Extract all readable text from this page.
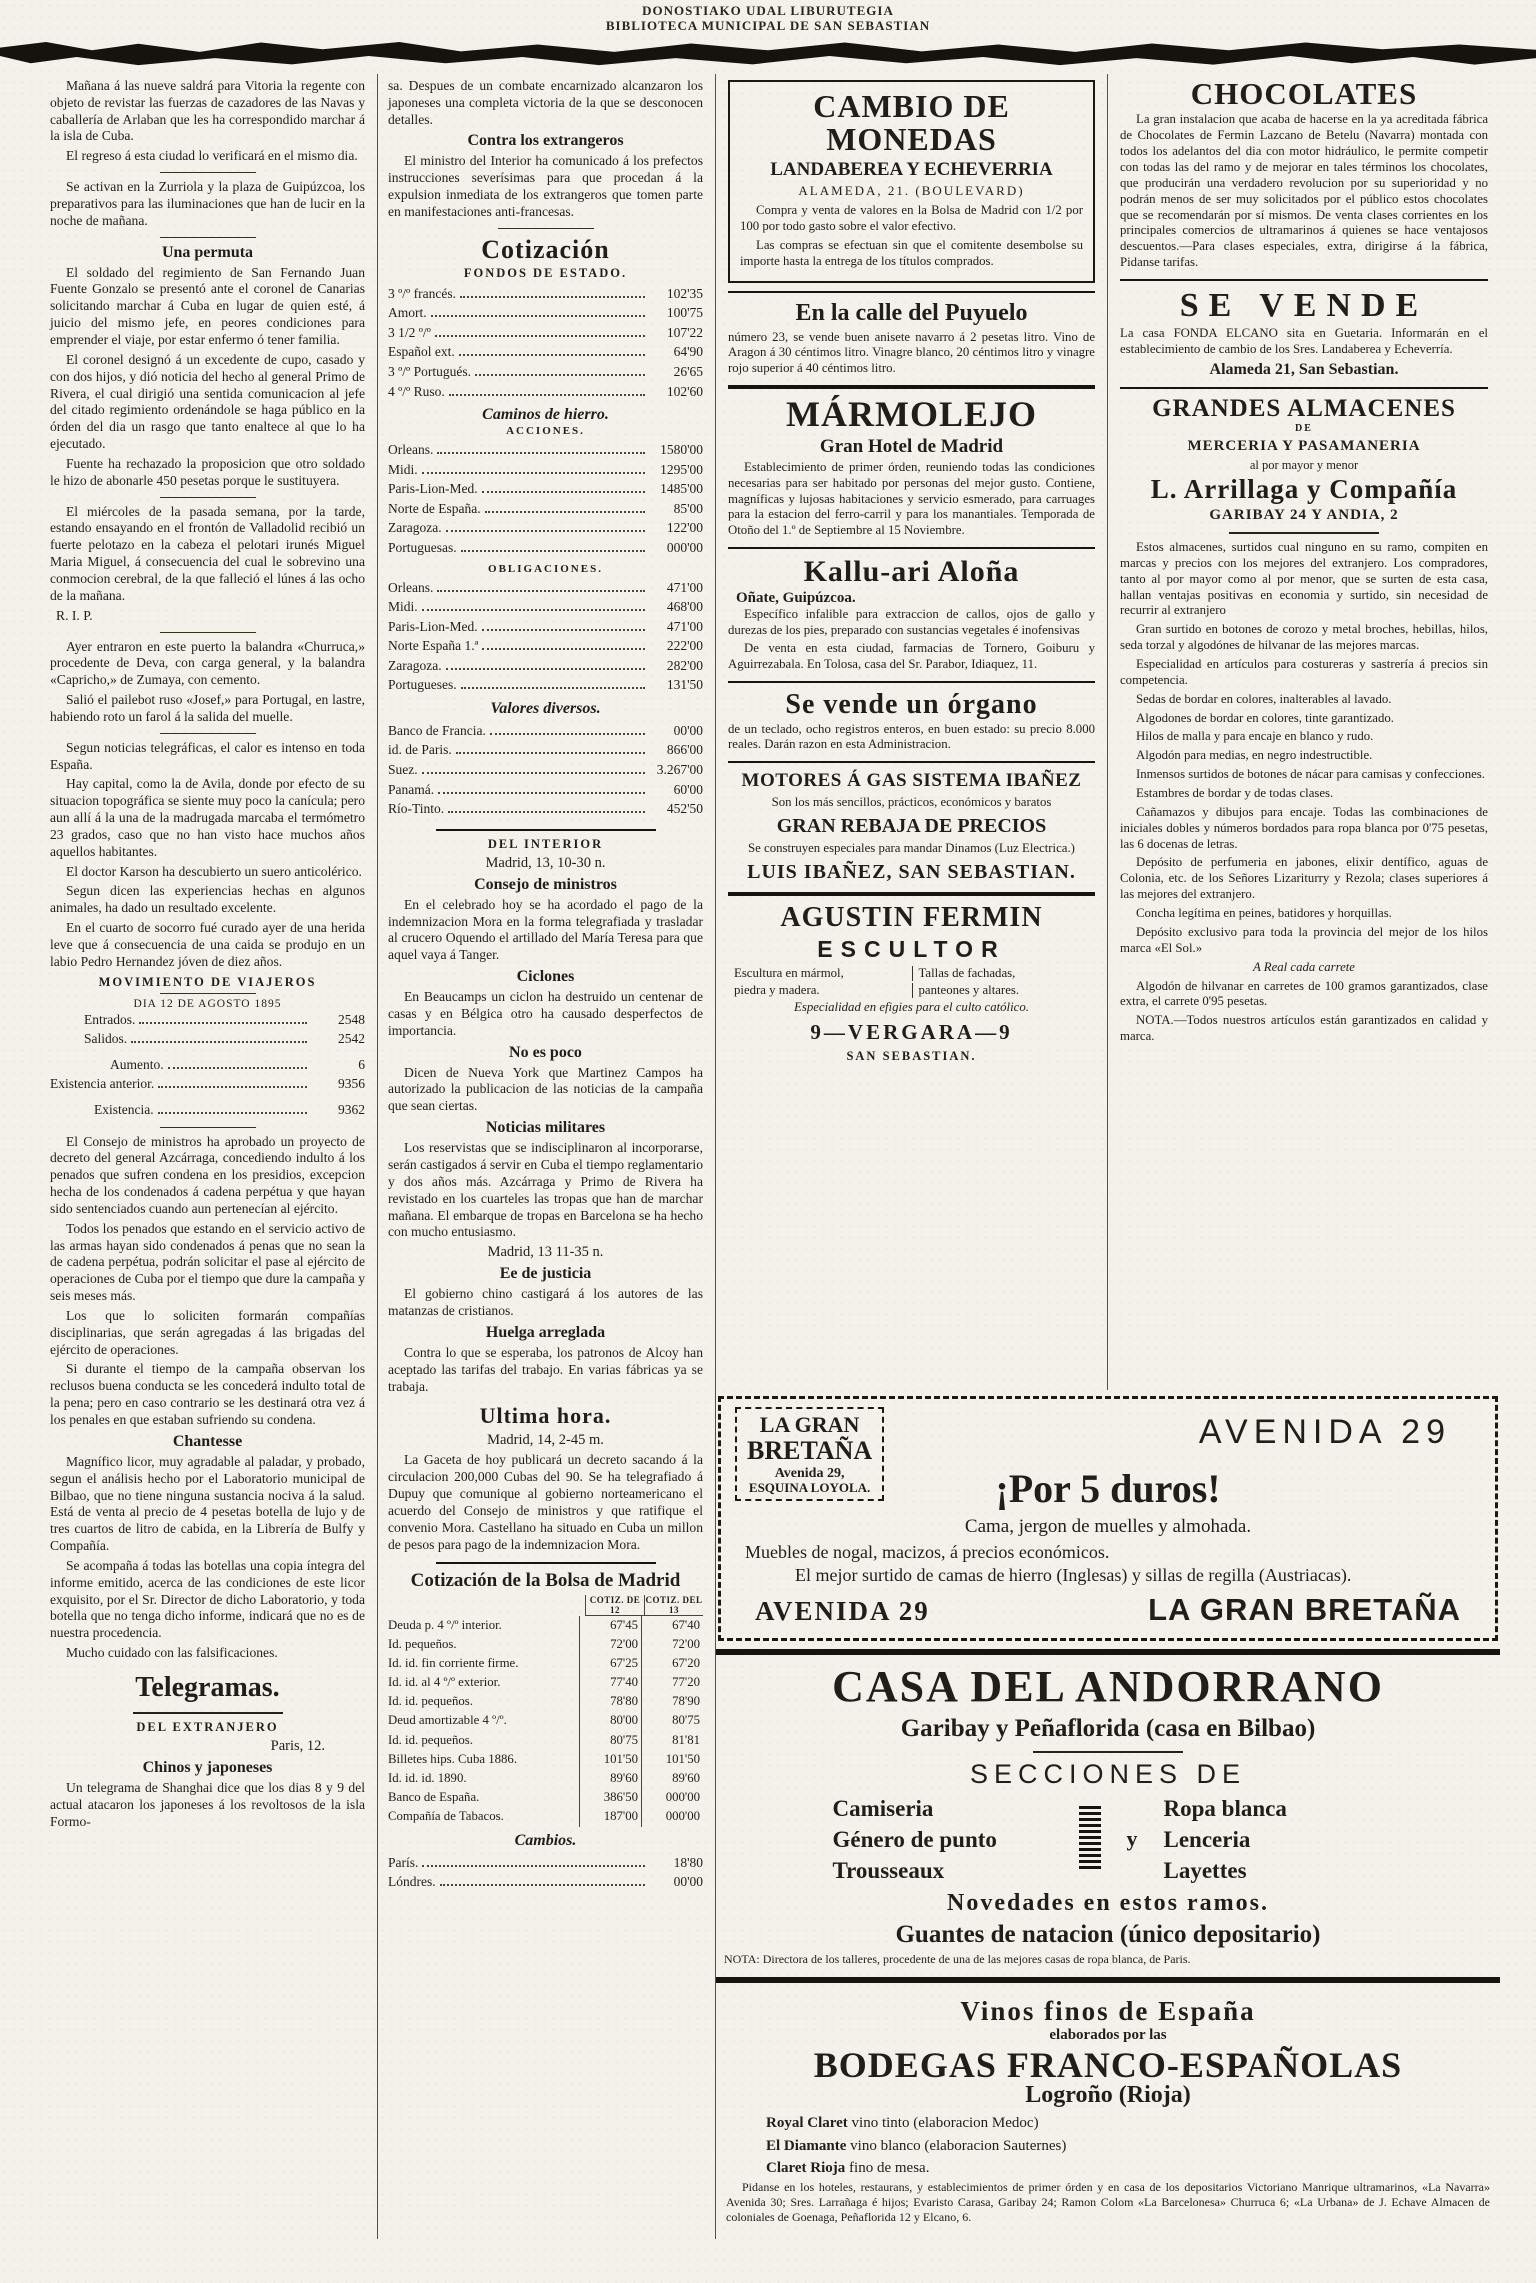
DONOSTIAKO UDAL LIBURUTEGIA
BIBLIOTECA MUNICIPAL DE SAN SEBASTIAN

Mañana á las nueve saldrá para Vitoria la regente con objeto de revistar las fuerzas de cazadores de las Navas y caballería de Arlaban que les ha correspondido marchar á la isla de Cuba.

El regreso á esta ciudad lo verificará en el mismo dia.

Se activan en la Zurriola y la plaza de Guipúzcoa, los preparativos para las iluminaciones que han de lucir en la noche de mañana.

Una permuta

El soldado del regimiento de San Fernando Juan Fuente Gonzalo se presentó ante el coronel de Canarias solicitando marchar á Cuba en lugar de quien esté, á juicio del mismo jefe, en peores condiciones para emprender el viaje, por estar enfermo ó tener familia.

El coronel designó á un excedente de cupo, casado y con dos hijos, y dió noticia del hecho al general Primo de Rivera, el cual dirigió una sentida comunicacion al jefe del citado regimiento ordenándole se haga público en la órden del dia un rasgo que tanto enaltece al que lo ha ejecutado.

Fuente ha rechazado la proposicion que otro soldado le hizo de abonarle 450 pesetas porque le sustituyera.

El miércoles de la pasada semana, por la tarde, estando ensayando en el frontón de Valladolid recibió un fuerte pelotazo en la cabeza el pelotari irunés Miguel Maria Miguel, á consecuencia del cual le sobrevino una conmocion cerebral, de la que falleció el lúnes á las ocho de la mañana.

R. I. P.

Ayer entraron en este puerto la balandra «Churruca,» procedente de Deva, con carga general, y la balandra «Capricho,» de Zumaya, con cemento.

Salió el pailebot ruso «Josef,» para Portugal, en lastre, habiendo roto un farol á la salida del muelle.

Segun noticias telegráficas, el calor es intenso en toda España.

Hay capital, como la de Avila, donde por efecto de su situacion topográfica se siente muy poco la canícula; pero aun allí á la una de la madrugada marcaba el termómetro 23 grados, caso que no han visto hace muchos años aquellos habitantes.

El doctor Karson ha descubierto un suero anticolérico.

Segun dicen las experiencias hechas en algunos animales, ha dado un resultado excelente.

En el cuarto de socorro fué curado ayer de una herida leve que á consecuencia de una caida se produjo en un labio Pedro Hernandez jóven de diez años.

MOVIMIENTO DE VIAJEROS
DIA 12 DE AGOSTO 1895
Entrados.	2548
Salidos.	2542
Aumento.	6
Existencia anterior.	9356
Existencia.	9362

El Consejo de ministros ha aprobado un proyecto de decreto del general Azcárraga, concediendo indulto á los penados que sufren condena en los presidios, excepcion hecha de los condenados á cadena perpétua y que hayan sido sentenciados cuando aun pertenecían al ejército.

Todos los penados que estando en el servicio activo de las armas hayan sido condenados á penas que no sean la de cadena perpétua, podrán solicitar el pase al ejército de operaciones de Cuba por el tiempo que dure la campaña y seis meses más.

Los que lo soliciten formarán compañías disciplinarias, que serán agregadas á las brigadas del ejército de operaciones.

Si durante el tiempo de la campaña observan los reclusos buena conducta se les concederá indulto total de la pena; pero en caso contrario se les destinará otra vez á los penales en que estaban sufriendo su condena.

Chantesse

Magnífico licor, muy agradable al paladar, y probado, segun el análisis hecho por el Laboratorio municipal de Bilbao, que no tiene ninguna sustancia nociva á la salud. Está de venta al precio de 4 pesetas botella de lujo y de tres cuartos de litro de cabida, en la Librería de Bulfy y Compañía.

Se acompaña á todas las botellas una copia íntegra del informe emitido, acerca de las condiciones de este licor exquisito, por el Sr. Director de dicho Laboratorio, y toda botella que no tenga dicho informe, indicará que no es de nuestra procedencia.

Mucho cuidado con las falsificaciones.

Telegramas.
DEL EXTRANJERO
Paris, 12.
Chinos y japoneses

Un telegrama de Shanghai dice que los dias 8 y 9 del actual atacaron los japoneses á los revoltosos de la isla Formo-

sa. Despues de un combate encarnizado alcanzaron los japoneses una completa victoria de la que se desconocen detalles.

Contra los extrangeros

El ministro del Interior ha comunicado á los prefectos instrucciones severísimas para que procedan á la expulsion inmediata de los extrangeros que tomen parte en manifestaciones anti-francesas.

Cotización
FONDOS DE ESTADO.
3 º/º francés.	102'35
Amort.	100'75
3 1/2 º/º	107'22
Español ext.	64'90
3 º/º Portugués.	26'65
4 º/º Ruso.	102'60
Caminos de hierro.
ACCIONES.
Orleans.	1580'00
Midi.	1295'00
Paris-Lion-Med.	1485'00
Norte de España.	85'00
Zaragoza.	122'00
Portuguesas.	000'00
OBLIGACIONES.
Orleans.	471'00
Midi.	468'00
Paris-Lion-Med.	471'00
Norte España 1.ª	222'00
Zaragoza.	282'00
Portugueses.	131'50
Valores diversos.
Banco de Francia.	00'00
id. de Paris.	866'00
Suez.	3.267'00
Panamá.	60'00
Río-Tinto.	452'50
DEL INTERIOR
Madrid, 13, 10-30 n.
Consejo de ministros

En el celebrado hoy se ha acordado el pago de la indemnizacion Mora en la forma telegrafiada y trasladar al crucero Oquendo el artillado del María Teresa para que aquel vaya á Tanger.

Ciclones

En Beaucamps un ciclon ha destruido un centenar de casas y en Bélgica otro ha causado desperfectos de importancia.

No es poco

Dicen de Nueva York que Martinez Campos ha autorizado la publicacion de las noticias de la campaña que sean ciertas.

Noticias militares

Los reservistas que se indisciplinaron al incorporarse, serán castigados á servir en Cuba el tiempo reglamentario y dos años más. Azcárraga y Primo de Rivera ha revistado en los cuarteles las tropas que han de marchar mañana. El embarque de tropas en Barcelona se ha hecho con mucho entusiasmo.

Madrid, 13 11-35 n.
Ee de justicia

El gobierno chino castigará á los autores de las matanzas de cristianos.

Huelga arreglada

Contra lo que se esperaba, los patronos de Alcoy han aceptado las tarifas del trabajo. En varias fábricas ya se trabaja.

Ultima hora.
Madrid, 14, 2-45 m.

La Gaceta de hoy publicará un decreto sacando á la circulacion 200,000 Cubas del 90. Se ha telegrafiado á Dupuy que comunique al gobierno norteamericano el acuerdo del Consejo de ministros y que ratifique el convenio Mora. Castellano ha situado en Cuba un millon de pesos para pago de la indemnizacion Mora.

Cotización de la Bolsa de Madrid
COTIZ. DE 12
COTIZ. DEL 13
Deuda p. 4 º/º interior.	67'45	67'40
Id. pequeños.	72'00	72'00
Id. id. fin corriente firme.	67'25	67'20
Id. id. al 4 º/º exterior.	77'40	77'20
Id. id. pequeños.	78'80	78'90
Deud amortizable 4 º/º.	80'00	80'75
Id. id. pequeños.	80'75	81'81
Billetes hips. Cuba 1886.	101'50	101'50
Id. id. id. 1890.	89'60	89'60
Banco de España.	386'50	000'00
Compañía de Tabacos.	187'00	000'00
Cambios.
París.	18'80
Lóndres.	00'00
CAMBIO DE MONEDAS
LANDABEREA Y ECHEVERRIA
ALAMEDA, 21. (BOULEVARD)

Compra y venta de valores en la Bolsa de Madrid con 1/2 por 100 por todo gasto sobre el valor efectivo.

Las compras se efectuan sin que el comitente desembolse su importe hasta la entrega de los títulos comprados.

En la calle del Puyuelo

número 23, se vende buen anisete navarro á 2 pesetas litro. Vino de Aragon á 30 céntimos litro. Vinagre blanco, 20 céntimos litro y vinagre rojo superior á 40 céntimos litro.

MÁRMOLEJO
Gran Hotel de Madrid

Establecimiento de primer órden, reuniendo todas las condiciones necesarias para ser habitado por personas del mejor gusto. Contiene, magníficas y lujosas habitaciones y servicio esmerado, para carruages para la estacion del ferro-carril y para los manantiales. Temporada de Otoño del 1.º de Septiembre al 15 Noviembre.

Kallu-ari Aloña
Oñate, Guipúzcoa.

Específico infalible para extraccion de callos, ojos de gallo y durezas de los pies, preparado con sustancias vegetales é inofensivas

De venta en esta ciudad, farmacias de Tornero, Goiburu y Aguirrezabala. En Tolosa, casa del Sr. Parabor, Idiaquez, 11.

Se vende un órgano

de un teclado, ocho registros enteros, en buen estado: su precio 8.000 reales. Darán razon en esta Administracion.

MOTORES Á GAS SISTEMA IBAÑEZ

Son los más sencillos, prácticos, económicos y baratos

GRAN REBAJA DE PRECIOS

Se construyen especiales para mandar Dinamos (Luz Electrica.)

LUIS IBAÑEZ, SAN SEBASTIAN.
AGUSTIN FERMIN
ESCULTOR
Escultura en mármol,	Tallas de fachadas,
piedra y madera.	panteones y altares.

Especialidad en efigies para el culto católico.

9—VERGARA—9
SAN SEBASTIAN.
CHOCOLATES

La gran instalacion que acaba de hacerse en la ya acreditada fábrica de Chocolates de Fermin Lazcano de Betelu (Navarra) montada con todos los adelantos del dia con motor hidráulico, le permite competir con todas las del ramo y de mejorar en tales términos los chocolates, que producirán una verdadero revolucion por su superioridad y no podrán menos de ser muy solicitados por el público estos chocolates que se recomendarán por sí mismos. De venta clases corrientes en los principales comercios de ultramarinos á quienes se hace ventajosos descuentos.—Para clases especiales, extra, dirigirse á la fábrica, Pidanse tarifas.

SE VENDE

La casa FONDA ELCANO sita en Guetaria. Informarán en el establecimiento de cambio de los Sres. Landaberea y Echeverría.

Alameda 21, San Sebastian.
GRANDES ALMACENES
DE
MERCERIA Y PASAMANERIA
al por mayor y menor
L. Arrillaga y Compañía
GARIBAY 24 Y ANDIA, 2

Estos almacenes, surtidos cual ninguno en su ramo, compiten en marcas y precios con los mejores del extranjero. Los compradores, tanto al por mayor como al por menor, que se surten de esta casa, hallan ventajas positivas en economia y surtido, sin necesidad de recurrir al extranjero

Gran surtido en botones de corozo y metal broches, hebillas, hilos, seda torzal y algodónes de hilvanar de las mejores marcas.

Especialidad en artículos para costureras y sastrería á precios sin competencia.

Sedas de bordar en colores, inalterables al lavado.

Algodones de bordar en colores, tinte garantizado.

Hilos de malla y para encaje en blanco y rudo.

Algodón para medias, en negro indestructible.

Inmensos surtidos de botones de nácar para camisas y confecciones.

Estambres de bordar y de todas clases.

Cañamazos y dibujos para encaje. Todas las combinaciones de iniciales dobles y números bordados para ropa blanca por 0'75 pesetas, las 6 docenas de letras.

Depósito de perfumeria en jabones, elixir dentífico, aguas de Colonia, etc. de los Señores Lizariturry y Rezola; clases superiores á las mejores del extranjero.

Concha legítima en peines, batidores y horquillas.

Depósito exclusivo para toda la provincia del mejor de los hilos marca «El Sol.»

A Real cada carrete

Algodón de hilvanar en carretes de 100 gramos garantizados, clase extra, el carrete 0'95 pesetas.

NOTA.—Todos nuestros artículos están garantizados en calidad y marca.

LA GRAN
BRETAÑA
Avenida 29,
ESQUINA LOYOLA.
AVENIDA 29
¡Por 5 duros!
Cama, jergon de muelles y almohada.
Muebles de nogal, macizos, á precios económicos.
El mejor surtido de camas de hierro (Inglesas) y sillas de regilla (Austriacas).
AVENIDA 29	LA GRAN BRETAÑA
CASA DEL ANDORRANO
Garibay y Peñaflorida (casa en Bilbao)
SECCIONES DE
Camiseria
Género de punto
Trousseaux
y
Ropa blanca
Lenceria
Layettes
Novedades en estos ramos.
Guantes de natacion (único depositario)
NOTA: Directora de los talleres, procedente de una de las mejores casas de ropa blanca, de Paris.
Vinos finos de España
elaborados por las
BODEGAS FRANCO-ESPAÑOLAS
Logroño (Rioja)
Royal Claret vino tinto (elaboracion Medoc)
El Diamante vino blanco (elaboracion Sauternes)
Claret Rioja fino de mesa.

Pidanse en los hoteles, restaurans, y establecimientos de primer órden y en casa de los depositarios Victoriano Manrique ultramarinos, «La Navarra» Avenida 30; Sres. Larrañaga é hijos; Evaristo Carasa, Garibay 24; Ramon Colom «La Barcelonesa» Churruca 6; «La Urbana» de J. Echave Almacen de coloniales de Goenaga, Peñaflorida 12 y Elcano, 6.
